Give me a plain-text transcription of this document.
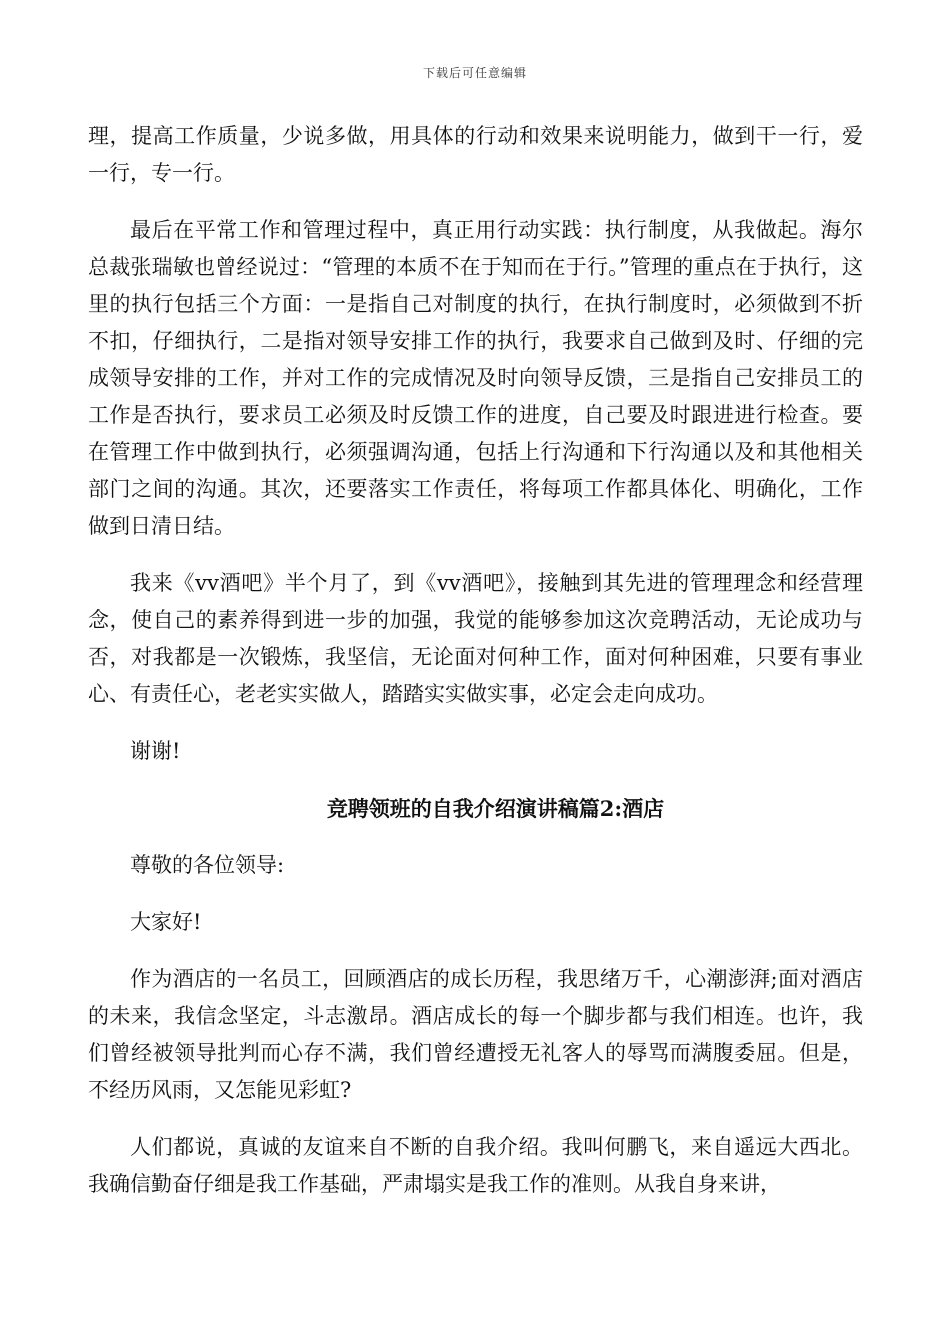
下载后可任意编辑

理，提高工作质量，少说多做，用具体的行动和效果来说明能力，做到干一行，爱一行，专一行。

最后在平常工作和管理过程中，真正用行动实践：执行制度，从我做起。海尔总裁张瑞敏也曾经说过：“管理的本质不在于知而在于行。”管理的重点在于执行，这里的执行包括三个方面：一是指自己对制度的执行，在执行制度时，必须做到不折不扣，仔细执行，二是指对领导安排工作的执行，我要求自己做到及时、仔细的完成领导安排的工作，并对工作的完成情况及时向领导反馈，三是指自己安排员工的工作是否执行，要求员工必须及时反馈工作的进度，自己要及时跟进进行检查。要在管理工作中做到执行，必须强调沟通，包括上行沟通和下行沟通以及和其他相关部门之间的沟通。其次，还要落实工作责任，将每项工作都具体化、明确化，工作做到日清日结。

我来《vv酒吧》半个月了，到《vv酒吧》，接触到其先进的管理理念和经营理念，使自己的素养得到进一步的加强，我觉的能够参加这次竞聘活动，无论成功与否，对我都是一次锻炼，我坚信，无论面对何种工作，面对何种困难，只要有事业心、有责任心，老老实实做人，踏踏实实做实事，必定会走向成功。

谢谢!

竞聘领班的自我介绍演讲稿篇2:酒店

尊敬的各位领导:

大家好!

作为酒店的一名员工，回顾酒店的成长历程，我思绪万千，心潮澎湃;面对酒店的未来，我信念坚定，斗志激昂。酒店成长的每一个脚步都与我们相连。也许，我们曾经被领导批判而心存不满，我们曾经遭授无礼客人的辱骂而满腹委屈。但是，不经历风雨，又怎能见彩虹?

人们都说，真诚的友谊来自不断的自我介绍。我叫何鹏飞，来自遥远大西北。我确信勤奋仔细是我工作基础，严肃塌实是我工作的准则。从我自身来讲，
